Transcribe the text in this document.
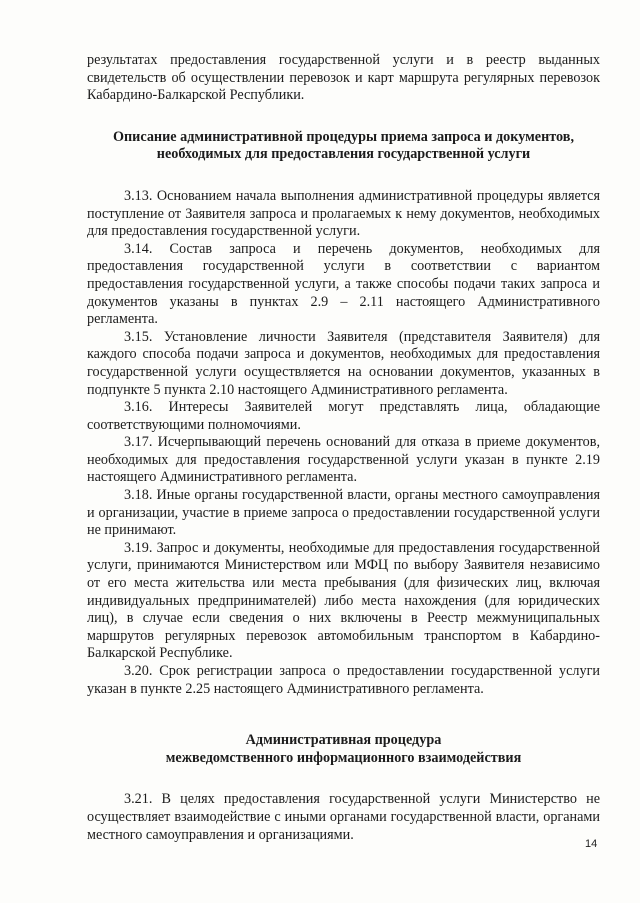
результатах предоставления государственной услуги и в реестр выданных свидетельств об осуществлении перевозок и карт маршрута регулярных перевозок Кабардино-Балкарской Республики.

Описание административной процедуры приема запроса и документов,
необходимых для предоставления государственной услуги

3.13. Основанием начала выполнения административной процедуры является поступление от Заявителя запроса и пролагаемых к нему документов, необходимых для предоставления государственной услуги.

3.14. Состав запроса и перечень документов, необходимых для предоставления государственной услуги в соответствии с вариантом предоставления государственной услуги, а также способы подачи таких запроса и документов указаны в пунктах 2.9 – 2.11 настоящего Административного регламента.

3.15. Установление личности Заявителя (представителя Заявителя) для каждого способа подачи запроса и документов, необходимых для предоставления государственной услуги осуществляется на основании документов, указанных в подпункте 5 пункта 2.10 настоящего Административного регламента.

3.16. Интересы Заявителей могут представлять лица, обладающие соответствующими полномочиями.

3.17. Исчерпывающий перечень оснований для отказа в приеме документов, необходимых для предоставления государственной услуги указан в пункте 2.19 настоящего Административного регламента.

3.18. Иные органы государственной власти, органы местного самоуправления и организации, участие в приеме запроса о предоставлении государственной услуги не принимают.

3.19. Запрос и документы, необходимые для предоставления государственной услуги, принимаются Министерством или МФЦ по выбору Заявителя независимо от его места жительства или места пребывания (для физических лиц, включая индивидуальных предпринимателей) либо места нахождения (для юридических лиц), в случае если сведения о них включены в Реестр межмуниципальных маршрутов регулярных перевозок автомобильным транспортом в Кабардино-Балкарской Республике.

3.20. Срок регистрации запроса о предоставлении государственной услуги указан в пункте 2.25 настоящего Административного регламента.

Административная процедура
межведомственного информационного взаимодействия

3.21. В целях предоставления государственной услуги Министерство не осуществляет взаимодействие с иными органами государственной власти, органами местного самоуправления и организациями.

14
